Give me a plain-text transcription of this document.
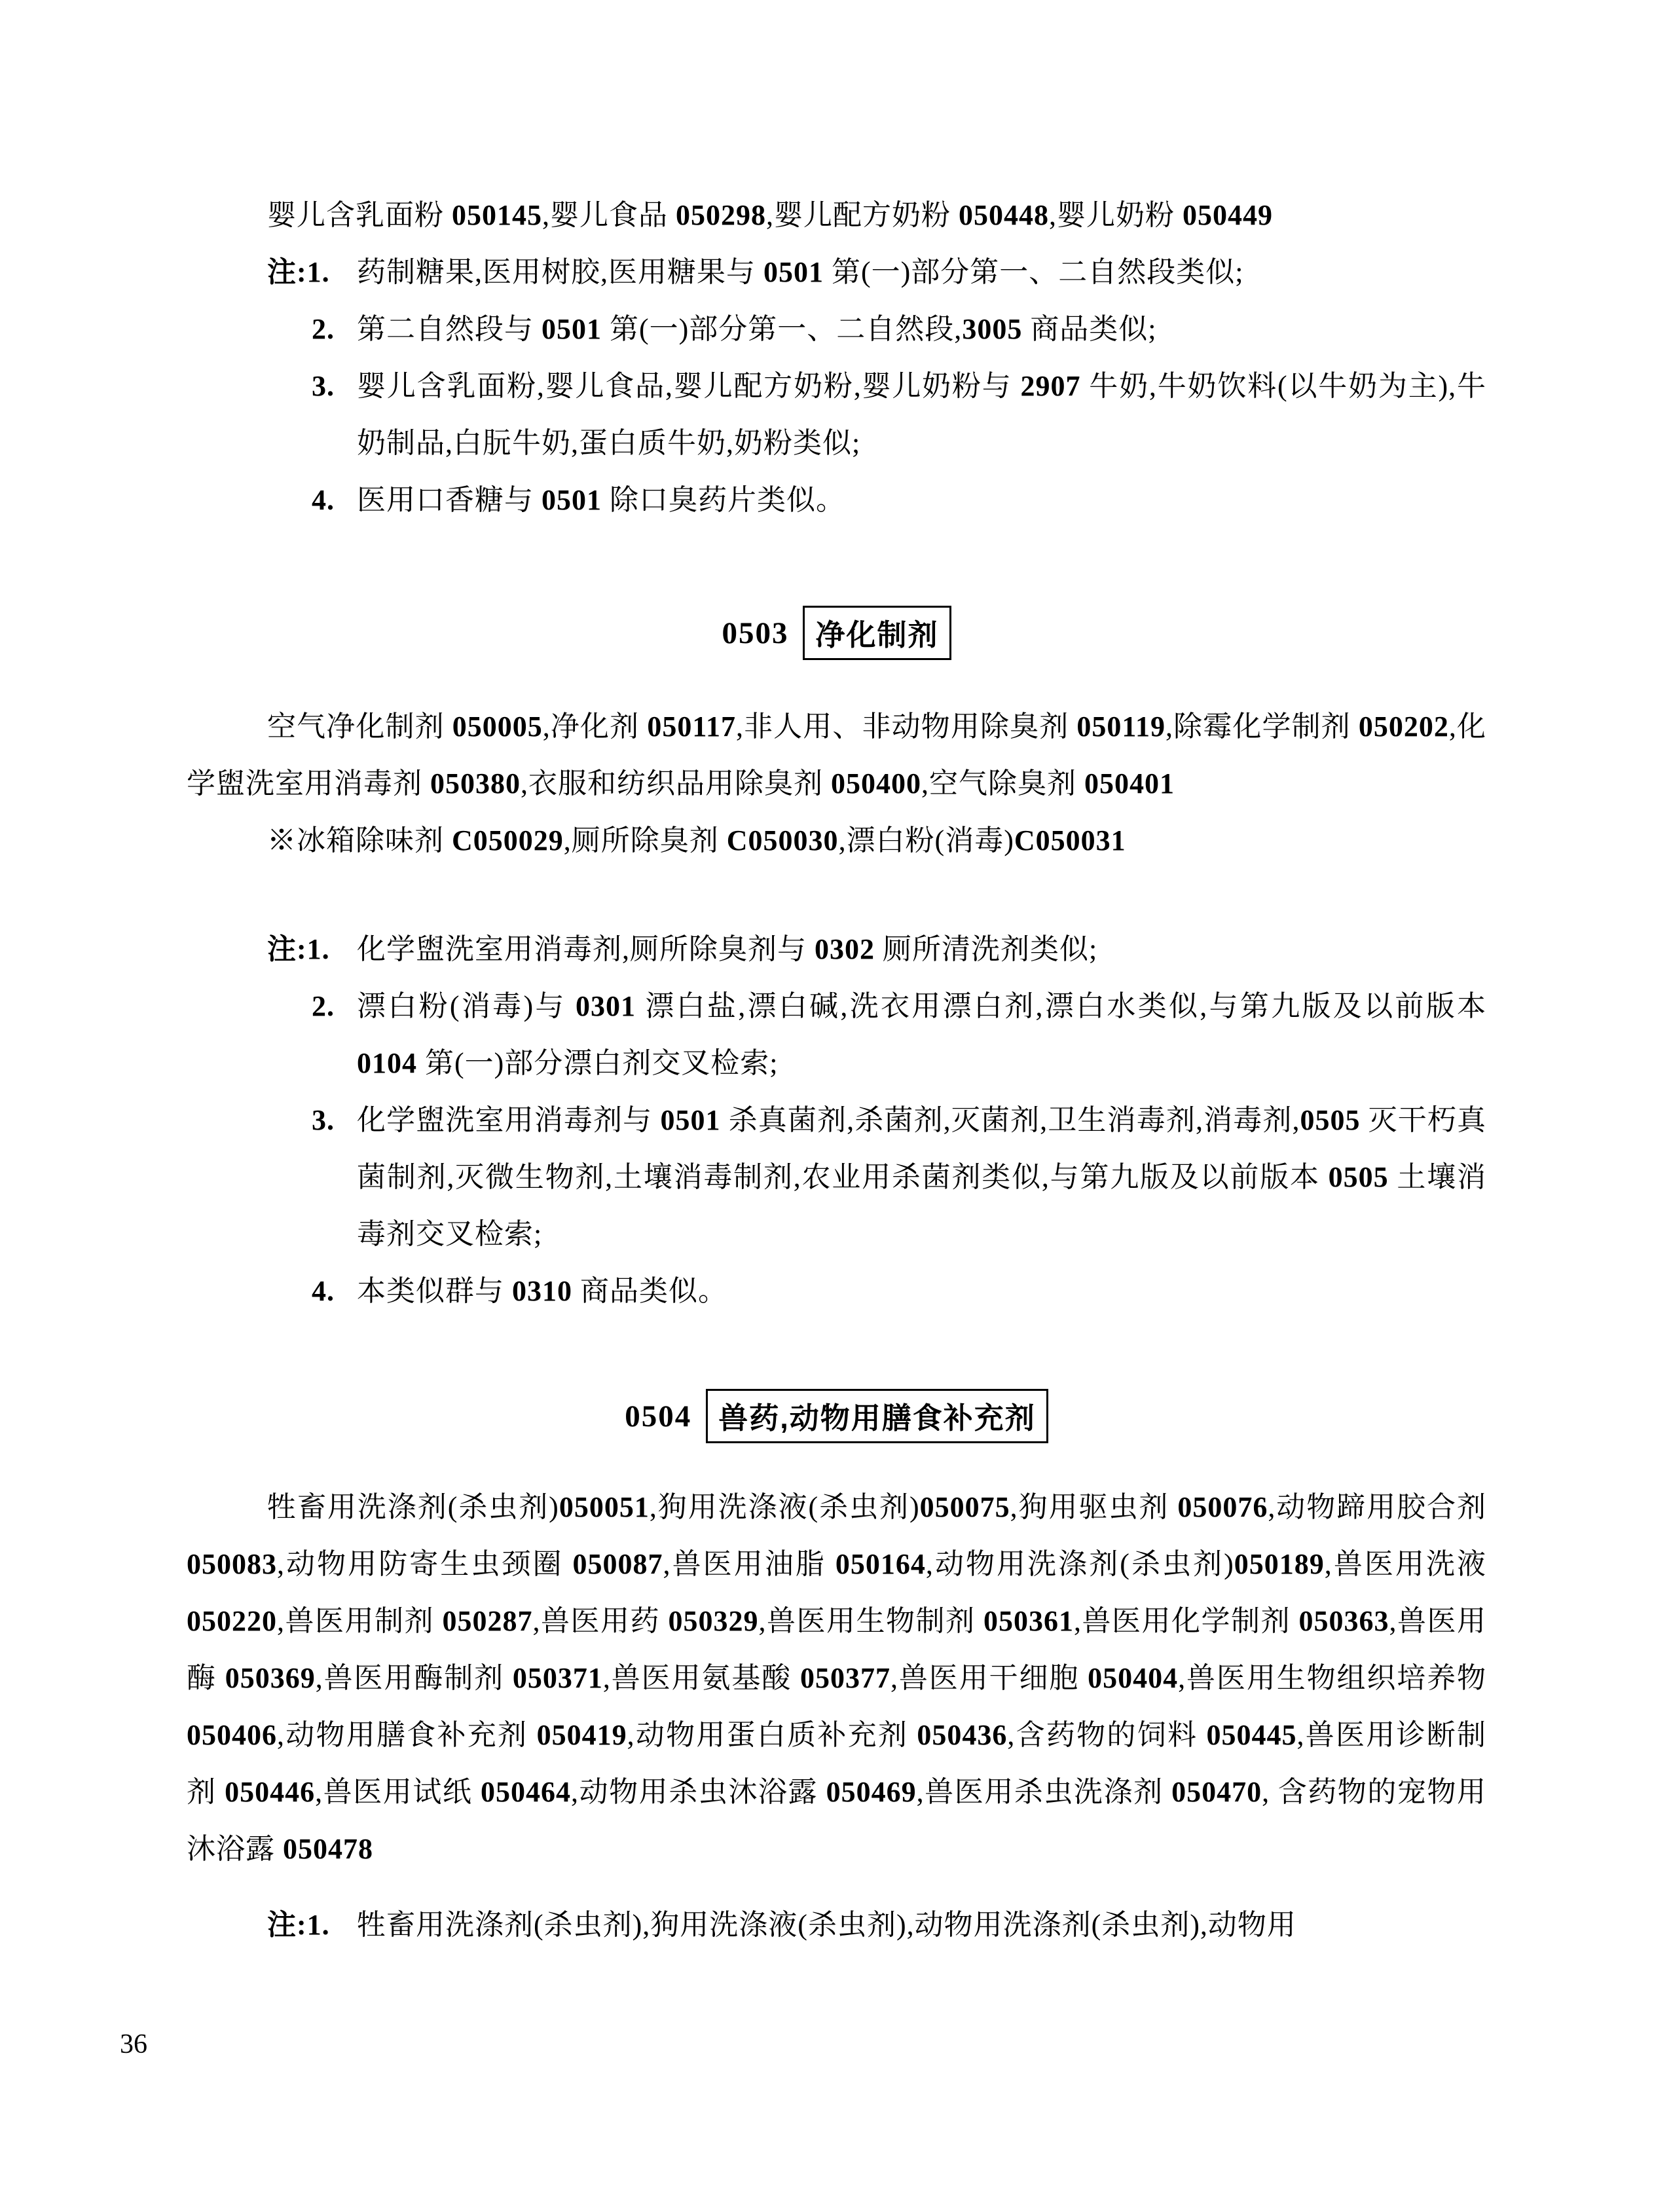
婴儿含乳面粉 050145,婴儿食品 050298,婴儿配方奶粉 050448,婴儿奶粉 050449

注:1. 药制糖果,医用树胶,医用糖果与 0501 第(一)部分第一、二自然段类似;
2. 第二自然段与 0501 第(一)部分第一、二自然段,3005 商品类似;
3. 婴儿含乳面粉,婴儿食品,婴儿配方奶粉,婴儿奶粉与 2907 牛奶,牛奶饮料(以牛奶为主),牛奶制品,白朊牛奶,蛋白质牛奶,奶粉类似;
4. 医用口香糖与 0501 除口臭药片类似。
0503 净化制剂

空气净化制剂 050005,净化剂 050117,非人用、非动物用除臭剂 050119,除霉化学制剂 050202,化学盥洗室用消毒剂 050380,衣服和纺织品用除臭剂 050400,空气除臭剂 050401

※冰箱除味剂 C050029,厕所除臭剂 C050030,漂白粉(消毒)C050031

注:1. 化学盥洗室用消毒剂,厕所除臭剂与 0302 厕所清洗剂类似;
2. 漂白粉(消毒)与 0301 漂白盐,漂白碱,洗衣用漂白剂,漂白水类似,与第九版及以前版本 0104 第(一)部分漂白剂交叉检索;
3. 化学盥洗室用消毒剂与 0501 杀真菌剂,杀菌剂,灭菌剂,卫生消毒剂,消毒剂,0505 灭干朽真菌制剂,灭微生物剂,土壤消毒制剂,农业用杀菌剂类似,与第九版及以前版本 0505 土壤消毒剂交叉检索;
4. 本类似群与 0310 商品类似。
0504 兽药,动物用膳食补充剂

牲畜用洗涤剂(杀虫剂)050051,狗用洗涤液(杀虫剂)050075,狗用驱虫剂 050076,动物蹄用胶合剂 050083,动物用防寄生虫颈圈 050087,兽医用油脂 050164,动物用洗涤剂(杀虫剂)050189,兽医用洗液 050220,兽医用制剂 050287,兽医用药 050329,兽医用生物制剂 050361,兽医用化学制剂 050363,兽医用酶 050369,兽医用酶制剂 050371,兽医用氨基酸 050377,兽医用干细胞 050404,兽医用生物组织培养物 050406,动物用膳食补充剂 050419,动物用蛋白质补充剂 050436,含药物的饲料 050445,兽医用诊断制剂 050446,兽医用试纸 050464,动物用杀虫沐浴露 050469,兽医用杀虫洗涤剂 050470, 含药物的宠物用沐浴露 050478

注:1. 牲畜用洗涤剂(杀虫剂),狗用洗涤液(杀虫剂),动物用洗涤剂(杀虫剂),动物用
36
